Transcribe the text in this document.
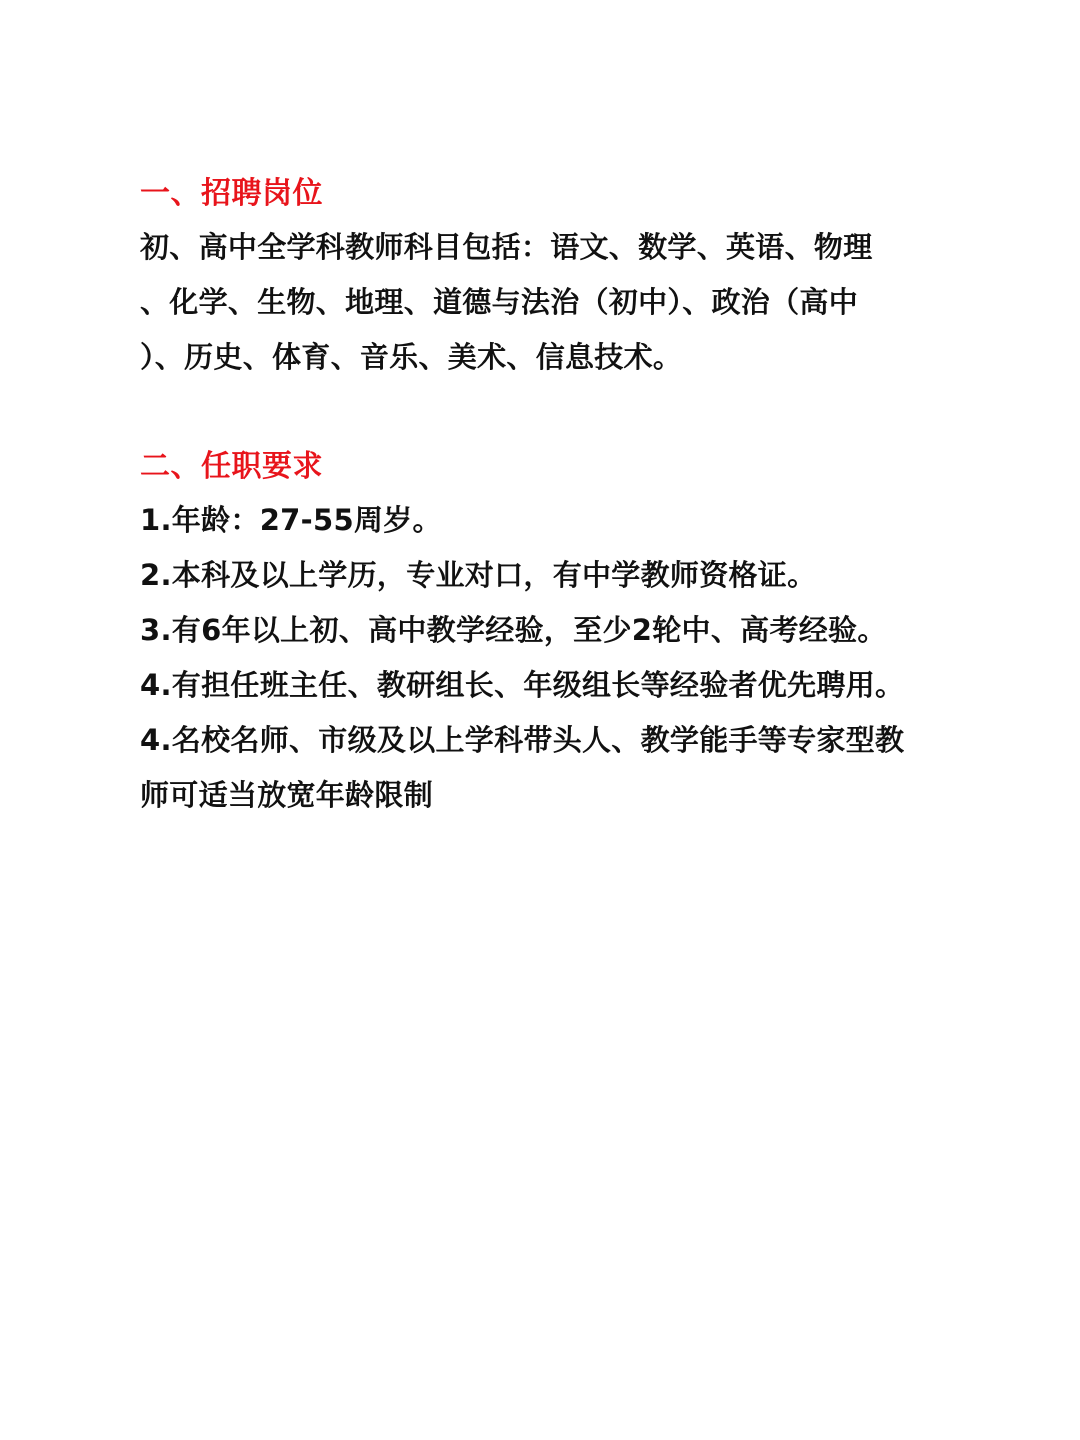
一、招聘岗位
初、高中全学科教师科目包括：语文、数学、英语、物理
、化学、生物、地理、道德与法治（初中）、政治（高中
）、历史、体育、音乐、美术、信息技术。
二、任职要求
1.年龄：27-55周岁。
2.本科及以上学历，专业对口，有中学教师资格证。
3.有6年以上初、高中教学经验，至少2轮中、高考经验。
4.有担任班主任、教研组长、年级组长等经验者优先聘用。
4.名校名师、市级及以上学科带头人、教学能手等专家型教
师可适当放宽年龄限制
